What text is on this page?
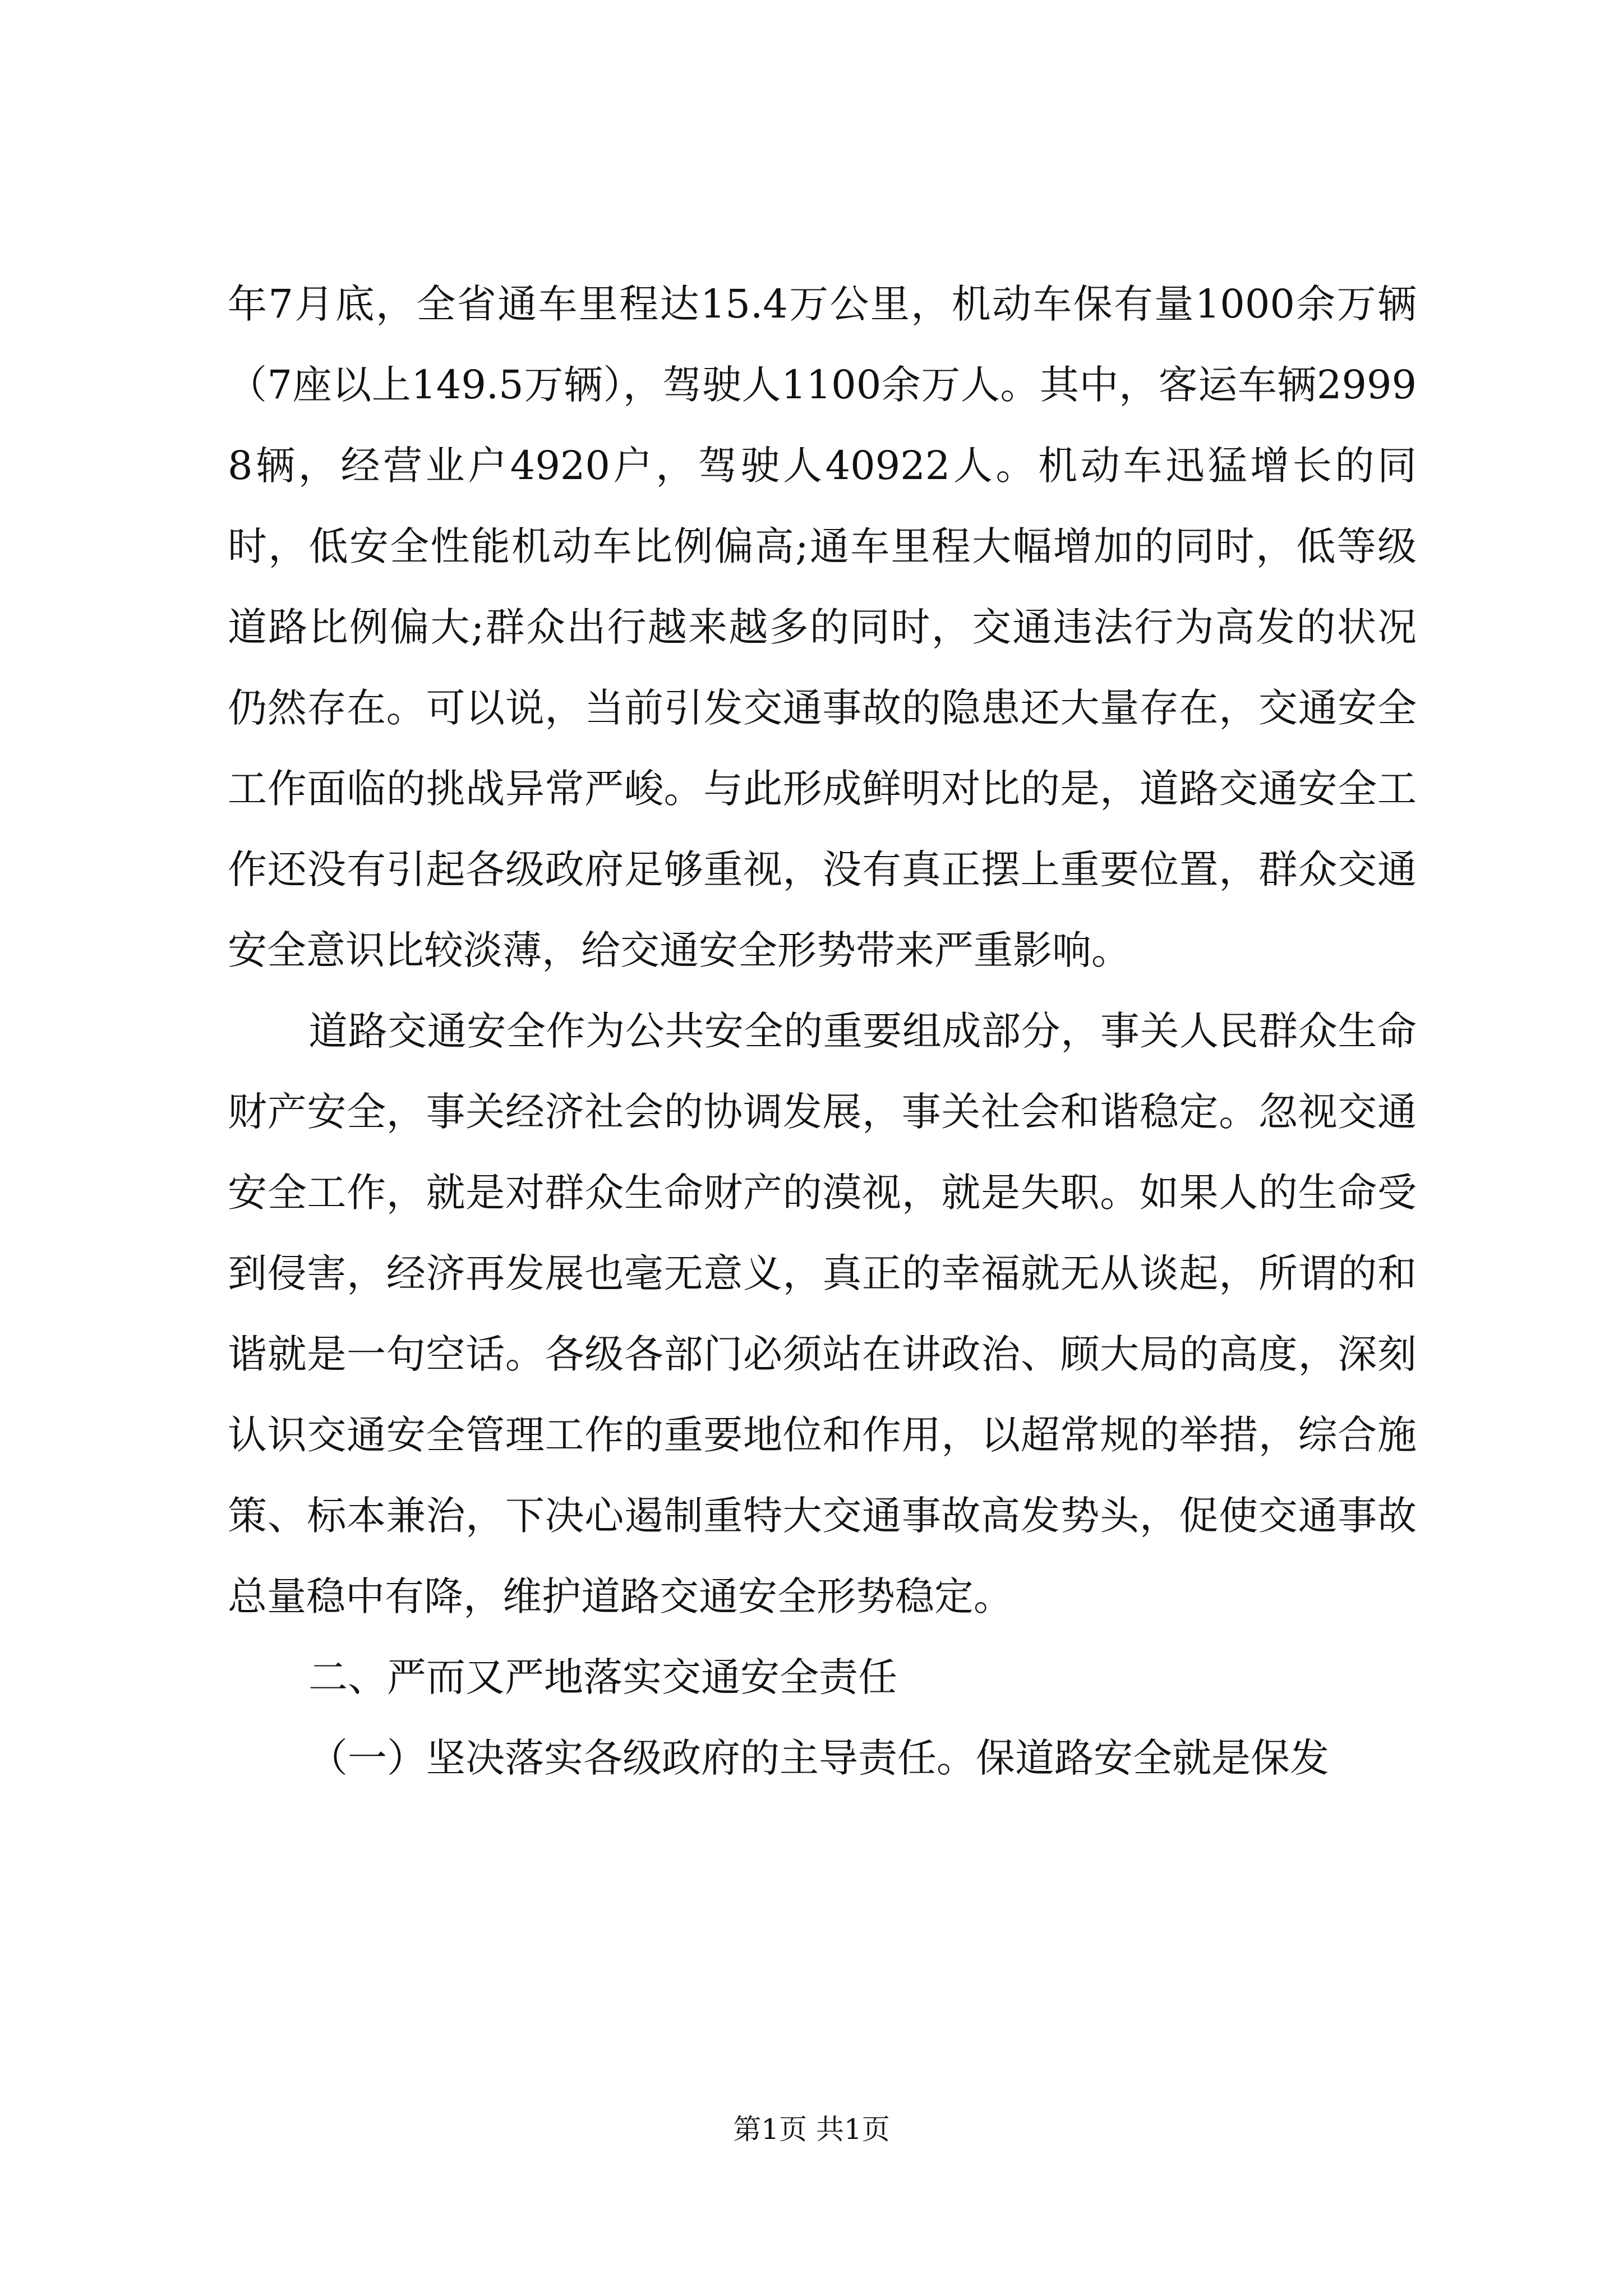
年7月底，全省通车里程达15.4万公里，机动车保有量1000余万辆（7座以上149.5万辆），驾驶人1100余万人。其中，客运车辆29998辆，经营业户4920户，驾驶人40922人。机动车迅猛增长的同时，低安全性能机动车比例偏高;通车里程大幅增加的同时，低等级道路比例偏大;群众出行越来越多的同时，交通违法行为高发的状况仍然存在。可以说，当前引发交通事故的隐患还大量存在，交通安全工作面临的挑战异常严峻。与此形成鲜明对比的是，道路交通安全工作还没有引起各级政府足够重视，没有真正摆上重要位置，群众交通安全意识比较淡薄，给交通安全形势带来严重影响。

道路交通安全作为公共安全的重要组成部分，事关人民群众生命财产安全，事关经济社会的协调发展，事关社会和谐稳定。忽视交通安全工作，就是对群众生命财产的漠视，就是失职。如果人的生命受到侵害，经济再发展也毫无意义，真正的幸福就无从谈起，所谓的和谐就是一句空话。各级各部门必须站在讲政治、顾大局的高度，深刻认识交通安全管理工作的重要地位和作用，以超常规的举措，综合施策、标本兼治，下决心遏制重特大交通事故高发势头，促使交通事故总量稳中有降，维护道路交通安全形势稳定。

二、严而又严地落实交通安全责任

（一）坚决落实各级政府的主导责任。保道路安全就是保发

第1页 共1页
